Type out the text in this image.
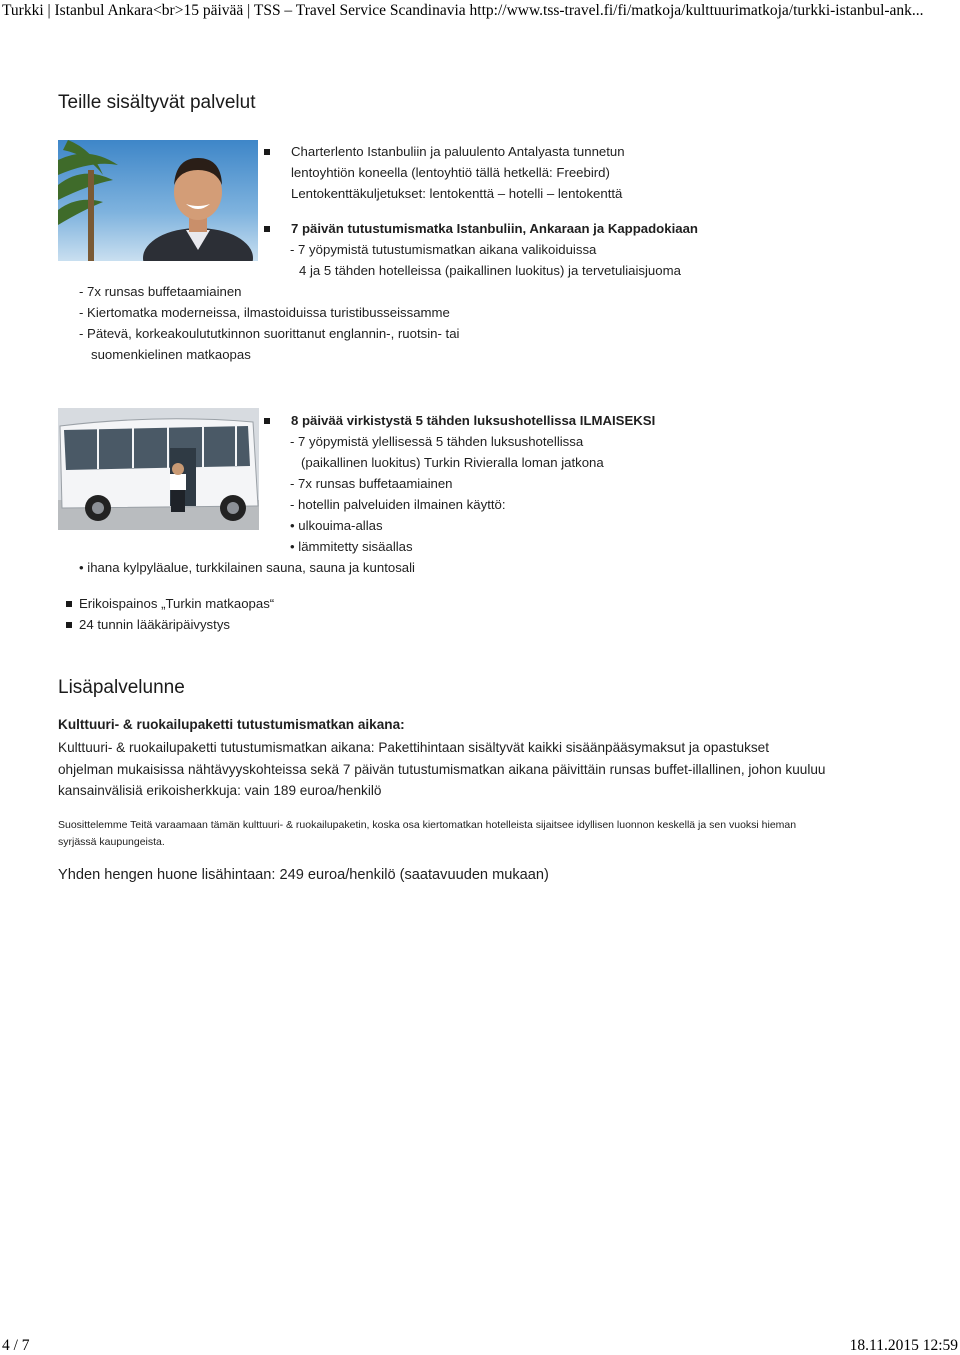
Turkki | Istanbul Ankara<br>15 päivää | TSS – Travel Service Scandinavia http://www.tss-travel.fi/fi/matkoja/kulttuurimatkoja/turkki-istanbul-ank...
Teille sisältyvät palvelut
Charterlento Istanbuliin ja paluulento Antalyasta tunnetun
lentoyhtiön koneella (lentoyhtiö tällä hetkellä: Freebird)
Lentokenttäkuljetukset: lentokenttä – hotelli – lentokenttä
7 päivän tutustumismatka Istanbuliin, Ankaraan ja Kappadokiaan
- 7 yöpymistä tutustumismatkan aikana valikoiduissa
4 ja 5 tähden hotelleissa (paikallinen luokitus) ja tervetuliaisjuoma
- 7x runsas buffetaamiainen
- Kiertomatka moderneissa, ilmastoiduissa turistibusseissamme
- Pätevä, korkeakoulututkinnon suorittanut englannin-, ruotsin- tai
suomenkielinen matkaopas
8 päivää virkistystä 5 tähden luksushotellissa ILMAISEKSI
- 7 yöpymistä ylellisessä 5 tähden luksushotellissa
(paikallinen luokitus) Turkin Rivieralla loman jatkona
- 7x runsas buffetaamiainen
- hotellin palveluiden ilmainen käyttö:
• ulkouima-allas
• lämmitetty sisäallas
• ihana kylpyläalue, turkkilainen sauna, sauna ja kuntosali
Erikoispainos „Turkin matkaopas“
24 tunnin lääkäripäivystys
Lisäpalvelunne
Kulttuuri- & ruokailupaketti tutustumismatkan aikana:
Kulttuuri- & ruokailupaketti tutustumismatkan aikana: Pakettihintaan sisältyvät kaikki sisäänpääsymaksut ja opastukset
ohjelman mukaisissa nähtävyyskohteissa sekä 7 päivän tutustumismatkan aikana päivittäin runsas buffet-illallinen, johon kuuluu
kansainvälisiä erikoisherkkuja: vain 189 euroa/henkilö
Suosittelemme Teitä varaamaan tämän kulttuuri- & ruokailupaketin, koska osa kiertomatkan hotelleista sijaitsee idyllisen luonnon keskellä ja sen vuoksi hieman
syrjässä kaupungeista.
Yhden hengen huone lisähintaan: 249 euroa/henkilö (saatavuuden mukaan)
4 / 7	18.11.2015 12:59
